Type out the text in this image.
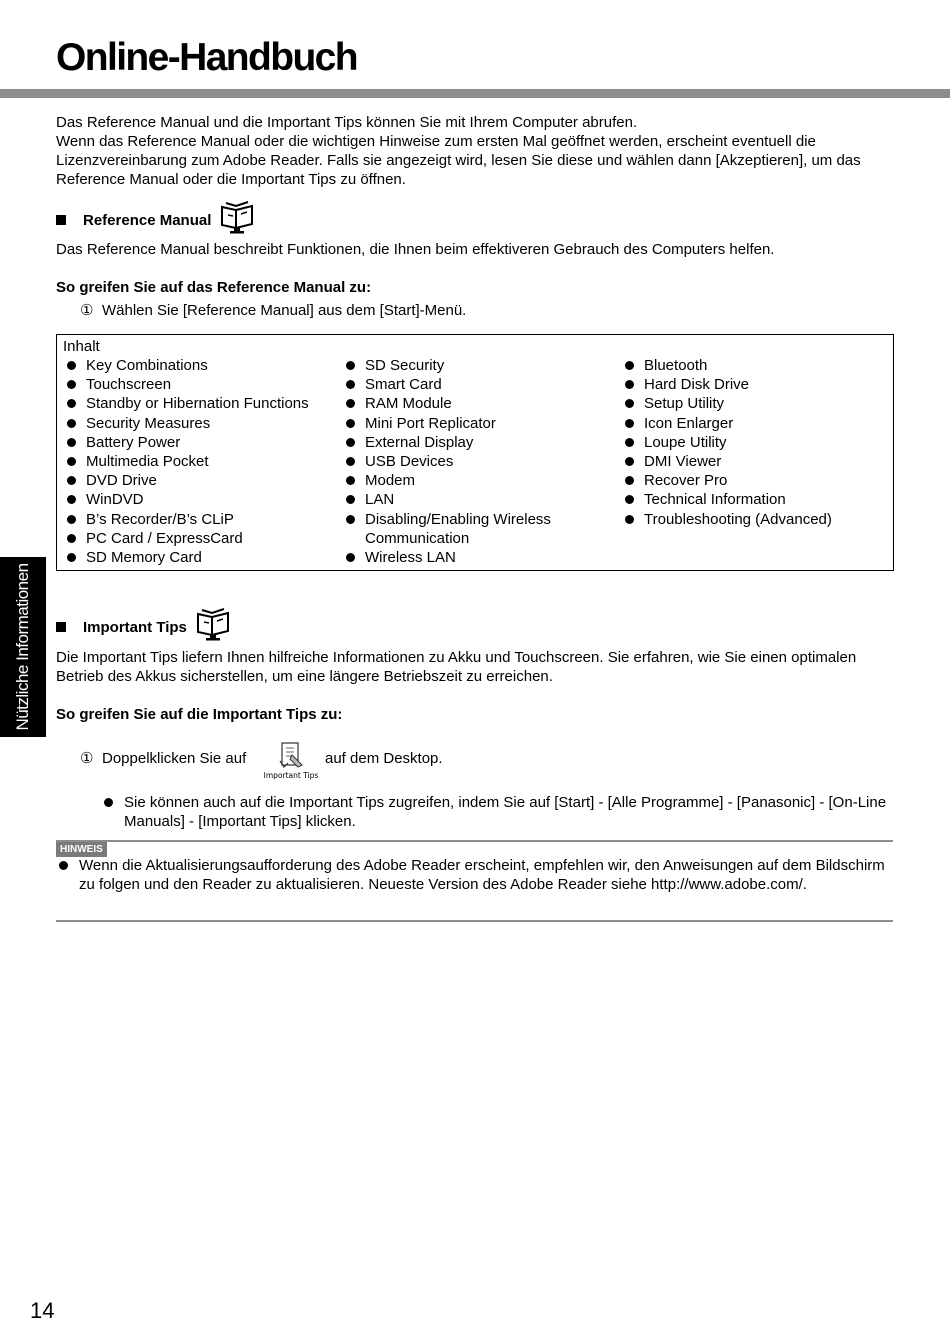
Online-Handbuch

Das Reference Manual und die Important Tips können Sie mit Ihrem Computer abrufen.

Wenn das Reference Manual oder die wichtigen Hinweise zum ersten Mal geöffnet werden, erscheint eventuell die Lizenzvereinbarung zum Adobe Reader. Falls sie angezeigt wird, lesen Sie diese und wählen dann [Akzeptieren], um das Reference Manual oder die Important Tips zu öffnen.

Reference Manual

Das Reference Manual beschreibt Funktionen, die Ihnen beim effektiveren Gebrauch des Computers helfen.

So greifen Sie auf das Reference Manual zu:

① Wählen Sie [Reference Manual] aus dem [Start]-Menü.
Inhalt
Key Combinations
Touchscreen
Standby or Hibernation Functions
Security Measures
Battery Power
Multimedia Pocket
DVD Drive
WinDVD
B’s Recorder/B’s CLiP
PC Card / ExpressCard
SD Memory Card
SD Security
Smart Card
RAM Module
Mini Port Replicator
External Display
USB Devices
Modem
LAN
Disabling/Enabling Wireless Communication
Wireless LAN
Bluetooth
Hard Disk Drive
Setup Utility
Icon Enlarger
Loupe Utility
DMI Viewer
Recover Pro
Technical Information
Troubleshooting (Advanced)
Nützliche Informationen	Important Tips

Die Important Tips liefern Ihnen hilfreiche Informationen zu Akku und Touchscreen. Sie erfahren, wie Sie einen optimalen Betrieb des Akkus sicherstellen, um eine längere Betriebszeit zu erreichen.

So greifen Sie auf die Important Tips zu:

① Doppelklicken Sie auf
Important Tips
auf dem Desktop.
Sie können auch auf die Important Tips zugreifen, indem Sie auf [Start] - [Alle Programme] - [Panasonic] - [On-Line Manuals] - [Important Tips] klicken.
HINWEIS
Wenn die Aktualisierungsaufforderung des Adobe Reader erscheint, empfehlen wir, den Anweisungen auf dem Bildschirm zu folgen und den Reader zu aktualisieren. Neueste Version des Adobe Reader siehe http://www.adobe.com/.
14
